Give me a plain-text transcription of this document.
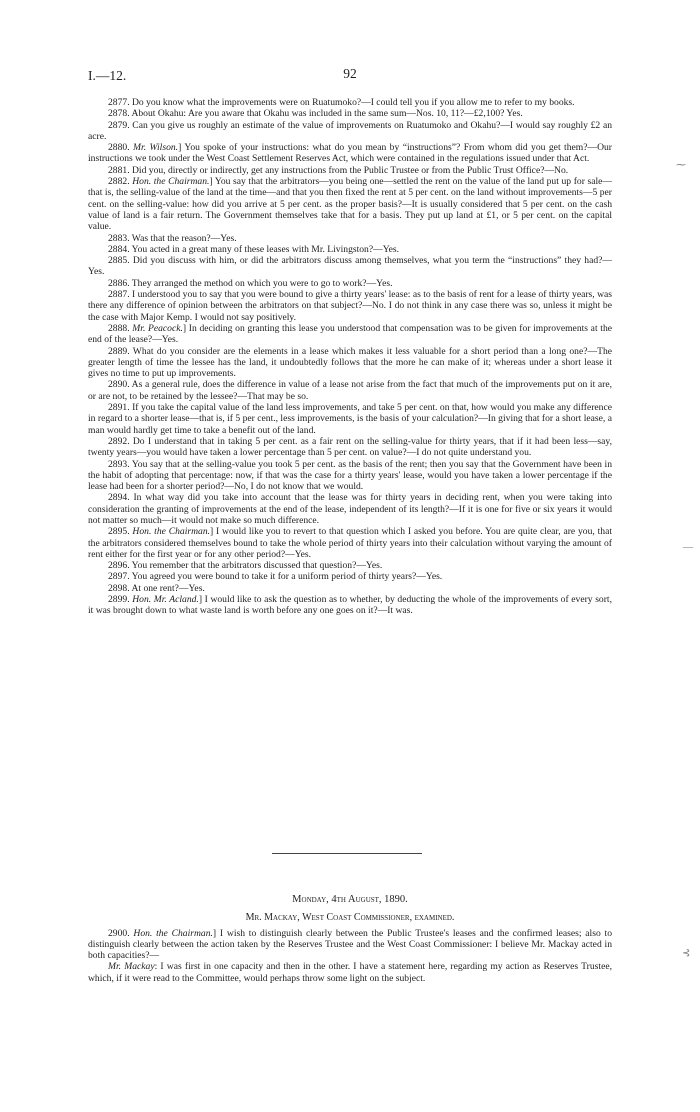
I.—12.	92

2877. Do you know what the improvements were on Ruatumoko?—I could tell you if you allow me to refer to my books.

2878. About Okahu: Are you aware that Okahu was included in the same sum—Nos. 10, 11?—£2,100? Yes.

2879. Can you give us roughly an estimate of the value of improvements on Ruatumoko and Okahu?—I would say roughly £2 an acre.

2880. Mr. Wilson.] You spoke of your instructions: what do you mean by “instructions”? From whom did you get them?—Our instructions we took under the West Coast Settlement Reserves Act, which were contained in the regulations issued under that Act.

2881. Did you, directly or indirectly, get any instructions from the Public Trustee or from the Public Trust Office?—No.

2882. Hon. the Chairman.] You say that the arbitrators—you being one—settled the rent on the value of the land put up for sale—that is, the selling-value of the land at the time—and that you then fixed the rent at 5 per cent. on the land without improvements—5 per cent. on the selling-value: how did you arrive at 5 per cent. as the proper basis?—It is usually considered that 5 per cent. on the cash value of land is a fair return. The Government themselves take that for a basis. They put up land at £1, or 5 per cent. on the capital value.

2883. Was that the reason?—Yes.

2884. You acted in a great many of these leases with Mr. Livingston?—Yes.

2885. Did you discuss with him, or did the arbitrators discuss among themselves, what you term the “instructions” they had?—Yes.

2886. They arranged the method on which you were to go to work?—Yes.

2887. I understood you to say that you were bound to give a thirty years' lease: as to the basis of rent for a lease of thirty years, was there any difference of opinion between the arbitrators on that subject?—No. I do not think in any case there was so, unless it might be the case with Major Kemp. I would not say positively.

2888. Mr. Peacock.] In deciding on granting this lease you understood that compensation was to be given for improvements at the end of the lease?—Yes.

2889. What do you consider are the elements in a lease which makes it less valuable for a short period than a long one?—The greater length of time the lessee has the land, it undoubtedly follows that the more he can make of it; whereas under a short lease it gives no time to put up improvements.

2890. As a general rule, does the difference in value of a lease not arise from the fact that much of the improvements put on it are, or are not, to be retained by the lessee?—That may be so.

2891. If you take the capital value of the land less improvements, and take 5 per cent. on that, how would you make any difference in regard to a shorter lease—that is, if 5 per cent., less improvements, is the basis of your calculation?—In giving that for a short lease, a man would hardly get time to take a benefit out of the land.

2892. Do I understand that in taking 5 per cent. as a fair rent on the selling-value for thirty years, that if it had been less—say, twenty years—you would have taken a lower percentage than 5 per cent. on value?—I do not quite understand you.

2893. You say that at the selling-value you took 5 per cent. as the basis of the rent; then you say that the Government have been in the habit of adopting that percentage: now, if that was the case for a thirty years' lease, would you have taken a lower percentage if the lease had been for a shorter period?—No, I do not know that we would.

2894. In what way did you take into account that the lease was for thirty years in deciding rent, when you were taking into consideration the granting of improvements at the end of the lease, independent of its length?—If it is one for five or six years it would not matter so much—it would not make so much difference.

2895. Hon. the Chairman.] I would like you to revert to that question which I asked you before. You are quite clear, are you, that the arbitrators considered themselves bound to take the whole period of thirty years into their calculation without varying the amount of rent either for the first year or for any other period?—Yes.

2896. You remember that the arbitrators discussed that question?—Yes.

2897. You agreed you were bound to take it for a uniform period of thirty years?—Yes.

2898. At one rent?—Yes.

2899. Hon. Mr. Acland.] I would like to ask the question as to whether, by deducting the whole of the improvements of every sort, it was brought down to what waste land is worth before any one goes on it?—It was.

Monday, 4th August, 1890.

Mr. Mackay, West Coast Commissioner, examined.

2900. Hon. the Chairman.] I wish to distinguish clearly between the Public Trustee's leases and the confirmed leases; also to distinguish clearly between the action taken by the Reserves Trustee and the West Coast Commissioner: I believe Mr. Mackay acted in both capacities?—

Mr. Mackay: I was first in one capacity and then in the other. I have a statement here, regarding my action as Reserves Trustee, which, if it were read to the Committee, would perhaps throw some light on the subject.

⁓
—
⊰
